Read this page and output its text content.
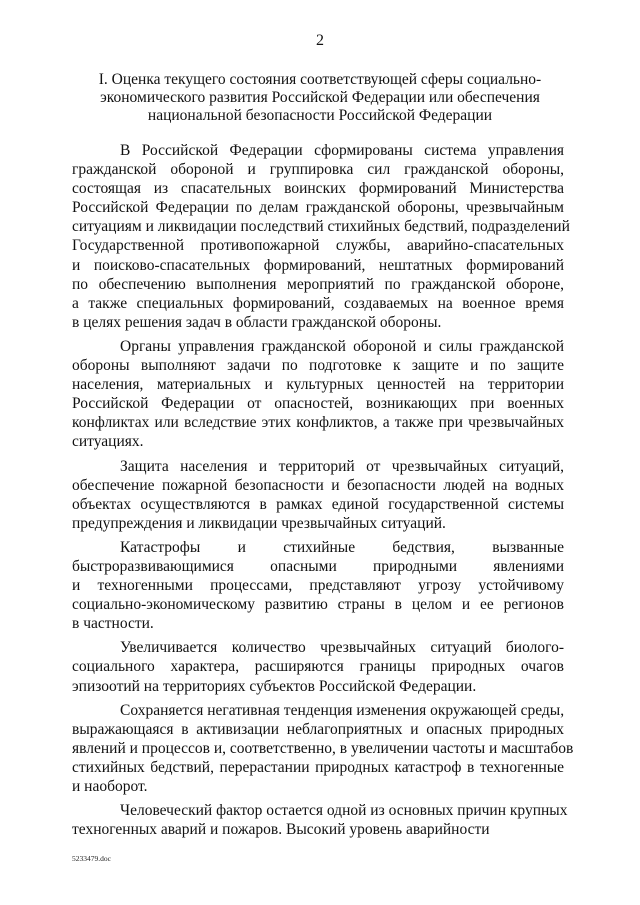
2
I. Оценка текущего состояния соответствующей сферы социально-
экономического развития Российской Федерации или обеспечения
национальной безопасности Российской Федерации
В Российской Федерации сформированы система управления
гражданской обороной и группировка сил гражданской обороны,
состоящая из спасательных воинских формирований Министерства
Российской Федерации по делам гражданской обороны, чрезвычайным
ситуациям и ликвидации последствий стихийных бедствий, подразделений
Государственной противопожарной службы, аварийно-спасательных
и поисково-спасательных формирований, нештатных формирований
по обеспечению выполнения мероприятий по гражданской обороне,
а также специальных формирований, создаваемых на военное время
в целях решения задач в области гражданской обороны.
Органы управления гражданской обороной и силы гражданской
обороны выполняют задачи по подготовке к защите и по защите
населения, материальных и культурных ценностей на территории
Российской Федерации от опасностей, возникающих при военных
конфликтах или вследствие этих конфликтов, а также при чрезвычайных
ситуациях.
Защита населения и территорий от чрезвычайных ситуаций,
обеспечение пожарной безопасности и безопасности людей на водных
объектах осуществляются в рамках единой государственной системы
предупреждения и ликвидации чрезвычайных ситуаций.
Катастрофы и стихийные бедствия, вызванные
быстроразвивающимися опасными природными явлениями
и техногенными процессами, представляют угрозу устойчивому
социально-экономическому развитию страны в целом и ее регионов
в частности.
Увеличивается количество чрезвычайных ситуаций биолого-
социального характера, расширяются границы природных очагов
эпизоотий на территориях субъектов Российской Федерации.
Сохраняется негативная тенденция изменения окружающей среды,
выражающаяся в активизации неблагоприятных и опасных природных
явлений и процессов и, соответственно, в увеличении частоты и масштабов
стихийных бедствий, перерастании природных катастроф в техногенные
и наоборот.
Человеческий фактор остается одной из основных причин крупных
техногенных аварий и пожаров. Высокий уровень аварийности
5233479.doc
